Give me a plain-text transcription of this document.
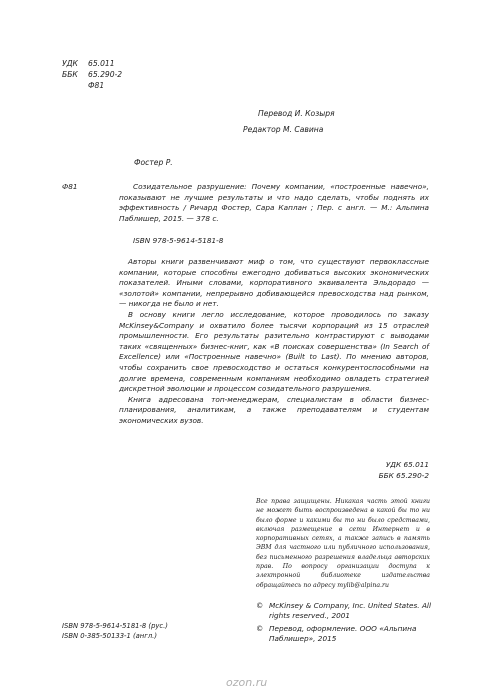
УДК	65.011
ББК	65.290-2
Ф81
Перевод И. Козыря
Редактор М. Савина
Фостер Р.
Ф81	Созидательное разрушение: Почему компании, «построенные навечно», показывают не лучшие результаты и что надо сделать, чтобы поднять их эффективность / Ричард Фостер, Сара Каплан ; Пер. с англ. — М.: Альпина Паблишер, 2015. — 378 с.
ISBN 978-5-9614-5181-8

Авторы книги развенчивают миф о том, что существуют первоклассные компании, которые способны ежегодно добиваться высоких экономических показателей. Иными словами, корпоративного эквивалента Эльдорадо — «золотой» компании, непрерывно добивающейся превосходства над рынком, — никогда не было и нет.

В основу книги легло исследование, которое проводилось по заказу McKinsey&Company и охватило более тысячи корпораций из 15 отраслей промышленности. Его результаты разительно контрастируют с выводами таких «священных» бизнес-книг, как «В поисках совершенства» (In Search of Excellence) или «Построенные навечно» (Built to Last). По мнению авторов, чтобы сохранить свое превосходство и остаться конкурентоспособными на долгие времена, современным компаниям необходимо овладеть стратегией дискретной эволюции и процессом созидательного разрушения.

Книга адресована топ-менеджерам, специалистам в области бизнес-планирования, аналитикам, а также преподавателям и студентам экономических вузов.

УДК 65.011
ББК 65.290-2
Все права защищены. Никакая часть этой книги не может быть воспроизведена в какой бы то ни было форме и какими бы то ни было средствами, включая размещение в сети Интернет и в корпоративных сетях, а также запись в память ЭВМ для частного или публичного использования, без письменного разрешения владельца авторских прав. По вопросу организации доступа к электронной библиотеке издательства обращайтесь по адресу mylib@alpina.ru
ISBN 978-5-9614-5181-8 (рус.)
ISBN 0-385-50133-1 (англ.)
© McKinsey & Company, Inc. United States. All rights reserved., 2001
© Перевод, оформление. ООО «Альпина Паблишер», 2015
ozon.ru
